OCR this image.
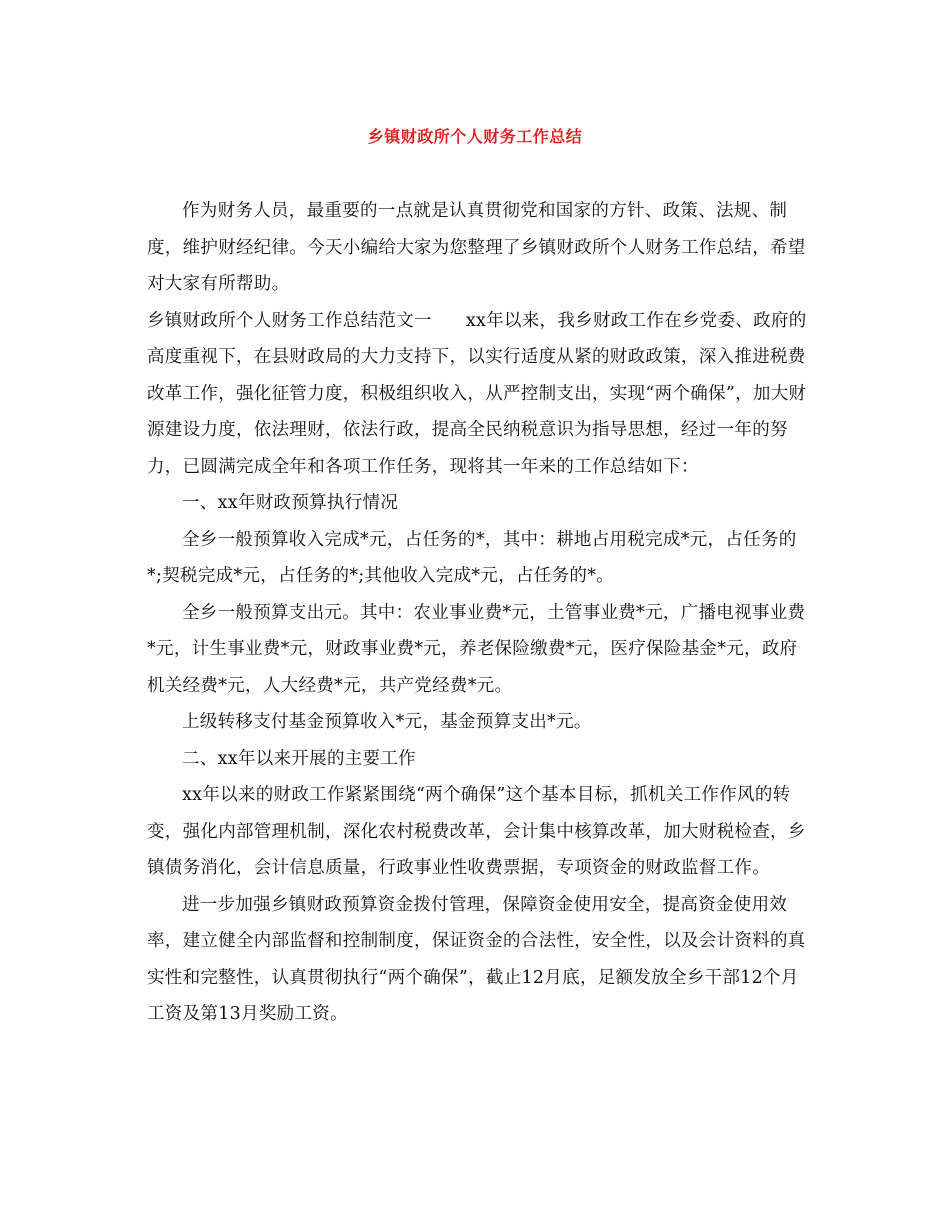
乡镇财政所个人财务工作总结

作为财务人员，最重要的一点就是认真贯彻党和国家的方针、政策、法规、制度，维护财经纪律。今天小编给大家为您整理了乡镇财政所个人财务工作总结，希望对大家有所帮助。

乡镇财政所个人财务工作总结范文一 xx年以来，我乡财政工作在乡党委、政府的高度重视下，在县财政局的大力支持下，以实行适度从紧的财政政策，深入推进税费改革工作，强化征管力度，积极组织收入，从严控制支出，实现“两个确保”，加大财源建设力度，依法理财，依法行政，提高全民纳税意识为指导思想，经过一年的努力，已圆满完成全年和各项工作任务，现将其一年来的工作总结如下：

一、xx年财政预算执行情况

全乡一般预算收入完成*元，占任务的*，其中：耕地占用税完成*元，占任务的*;契税完成*元，占任务的*;其他收入完成*元，占任务的*。

全乡一般预算支出元。其中：农业事业费*元，土管事业费*元，广播电视事业费*元，计生事业费*元，财政事业费*元，养老保险缴费*元，医疗保险基金*元，政府机关经费*元，人大经费*元，共产党经费*元。

上级转移支付基金预算收入*元，基金预算支出*元。

二、xx年以来开展的主要工作

xx年以来的财政工作紧紧围绕“两个确保”这个基本目标，抓机关工作作风的转变，强化内部管理机制，深化农村税费改革，会计集中核算改革，加大财税检查，乡镇债务消化，会计信息质量，行政事业性收费票据，专项资金的财政监督工作。

进一步加强乡镇财政预算资金拨付管理，保障资金使用安全，提高资金使用效率，建立健全内部监督和控制制度，保证资金的合法性，安全性，以及会计资料的真实性和完整性，认真贯彻执行“两个确保”，截止12月底，足额发放全乡干部12个月工资及第13月奖励工资。
